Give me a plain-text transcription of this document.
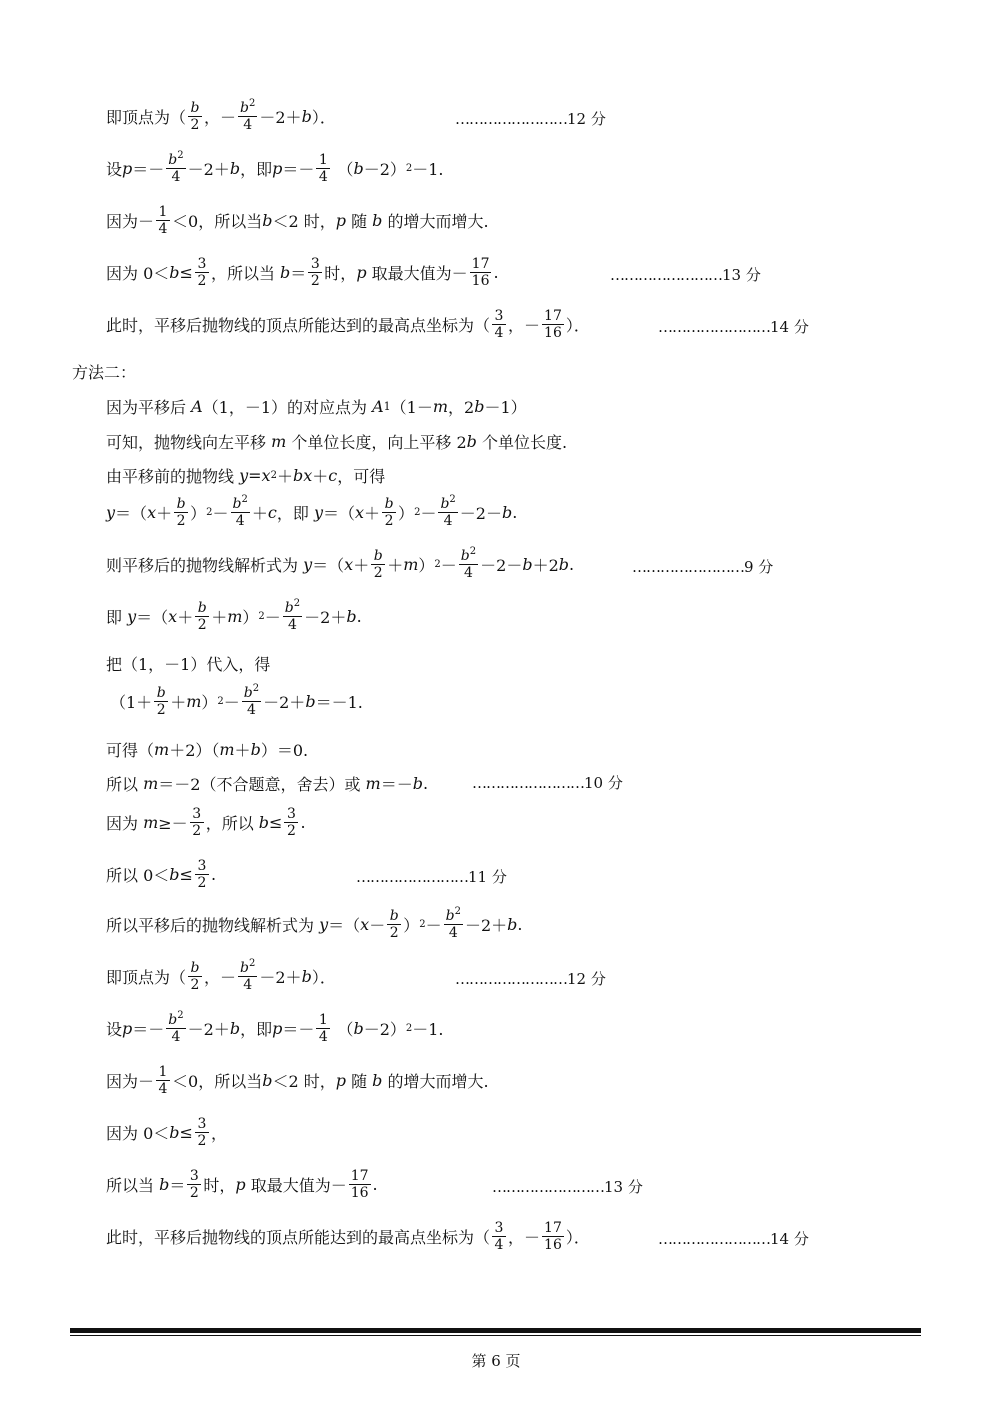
即顶点为（ b
2 ，－ $b^2$
4 －2＋ b ）．	……………………12 分
设 $p =- b^2$
4 －2＋ b ，即 p ＝－ 1
4 （ b －2） 2 －1.
因为－ 1
4 ＜0，所以当 b ＜2 时， p 随 b 的增大而增大.
因为 $0< b \le \frac{3}{2}$ ，所以当 b ＝ 3
2 时， p 取最大值为－ 17
16 .	……………………13 分
此时，平移后抛物线的顶点所能达到的最高点坐标为（ 3
4 ，－ 17
16 ）．	……………………14 分
方法二：
因为平移后 A （1，－1）的对应点为 A 1 （1－ m ，2 b －1）
可知，抛物线向左平移 m 个单位长度，向上平移 2 b 个单位长度.
由平移前的抛物线 y = x 2 ＋ bx ＋ c ，可得
y ＝（ x ＋ b
2 ） $2 - b^2$
4 ＋ c ，即 y ＝（ x ＋ b
2 ） $2 - b^2$
4 －2－ b .
则平移后的抛物线解析式为 y ＝（ x ＋ b
2 ＋ m ） $2 - b^2$
4 －2－ b ＋2 b .	……………………9 分
即 y ＝（ x ＋ b
2 ＋ m ） $2 - b^2$
4 －2＋ b .
把（1，－1）代入，得
（1＋ b
2 ＋ m ） $2 - b^2$
4 －2＋ b ＝－1.
可得（ m ＋2）（ m ＋ b ）＝0.
所以 m ＝－2（不合题意，舍去）或 m ＝－ b .	……………………10 分
因为 m ≥－ 3
2 ，所以 $b \le \frac{3}{2}$ .
所以 $0< b \le \frac{3}{2}$ .	……………………11 分
所以平移后的抛物线解析式为 y ＝（ x － b
2 ） $2 - b^2$
4 －2＋ b .
即顶点为（ b
2 ，－ $b^2$
4 －2＋ b ）．	……………………12 分
设 $p =- b^2$
4 －2＋ b ，即 p ＝－ 1
4 （ b －2） 2 －1.
因为－ 1
4 ＜0，所以当 b ＜2 时， p 随 b 的增大而增大.
因为 $0< b \le \frac{3}{2}$ ，
所以当 b ＝ 3
2 时， p 取最大值为－ 17
16 .	……………………13 分
此时，平移后抛物线的顶点所能达到的最高点坐标为（ 3
4 ，－ 17
16 ）．	……………………14 分
第 6 页
